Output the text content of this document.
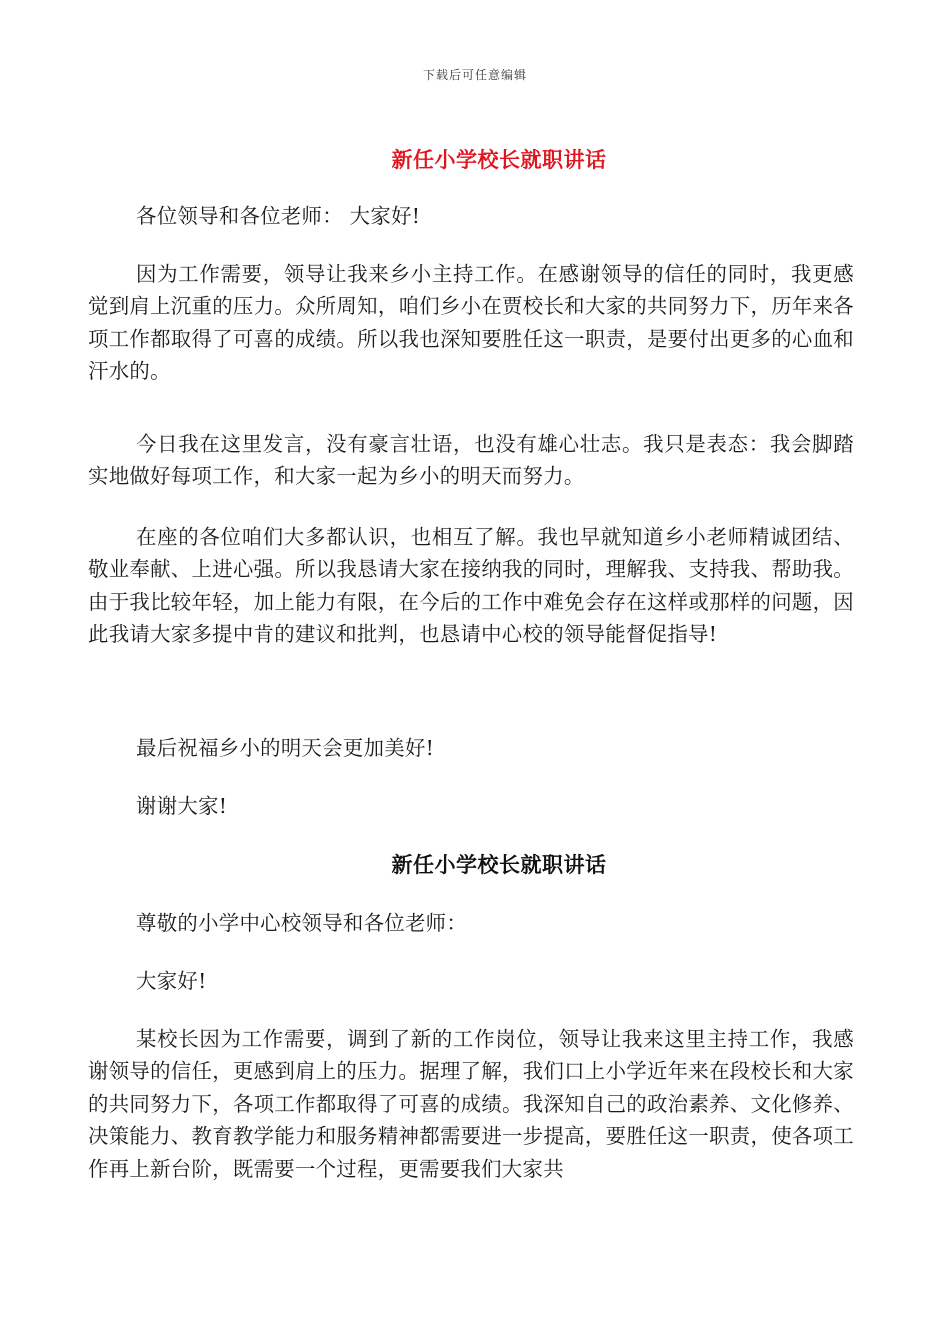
下载后可任意编辑
新任小学校长就职讲话
各位领导和各位老师： 大家好!
因为工作需要，领导让我来乡小主持工作。在感谢领导的信任的同时，我更感觉到肩上沉重的压力。众所周知，咱们乡小在贾校长和大家的共同努力下，历年来各项工作都取得了可喜的成绩。所以我也深知要胜任这一职责，是要付出更多的心血和汗水的。
今日我在这里发言，没有豪言壮语，也没有雄心壮志。我只是表态：我会脚踏实地做好每项工作，和大家一起为乡小的明天而努力。
在座的各位咱们大多都认识，也相互了解。我也早就知道乡小老师精诚团结、敬业奉献、上进心强。所以我恳请大家在接纳我的同时，理解我、支持我、帮助我。由于我比较年轻，加上能力有限，在今后的工作中难免会存在这样或那样的问题，因此我请大家多提中肯的建议和批判，也恳请中心校的领导能督促指导!
最后祝福乡小的明天会更加美好!
谢谢大家!
新任小学校长就职讲话
尊敬的小学中心校领导和各位老师：
大家好!
某校长因为工作需要，调到了新的工作岗位，领导让我来这里主持工作，我感谢领导的信任，更感到肩上的压力。据理了解，我们口上小学近年来在段校长和大家的共同努力下，各项工作都取得了可喜的成绩。我深知自己的政治素养、文化修养、决策能力、教育教学能力和服务精神都需要进一步提高，要胜任这一职责，使各项工作再上新台阶，既需要一个过程，更需要我们大家共
